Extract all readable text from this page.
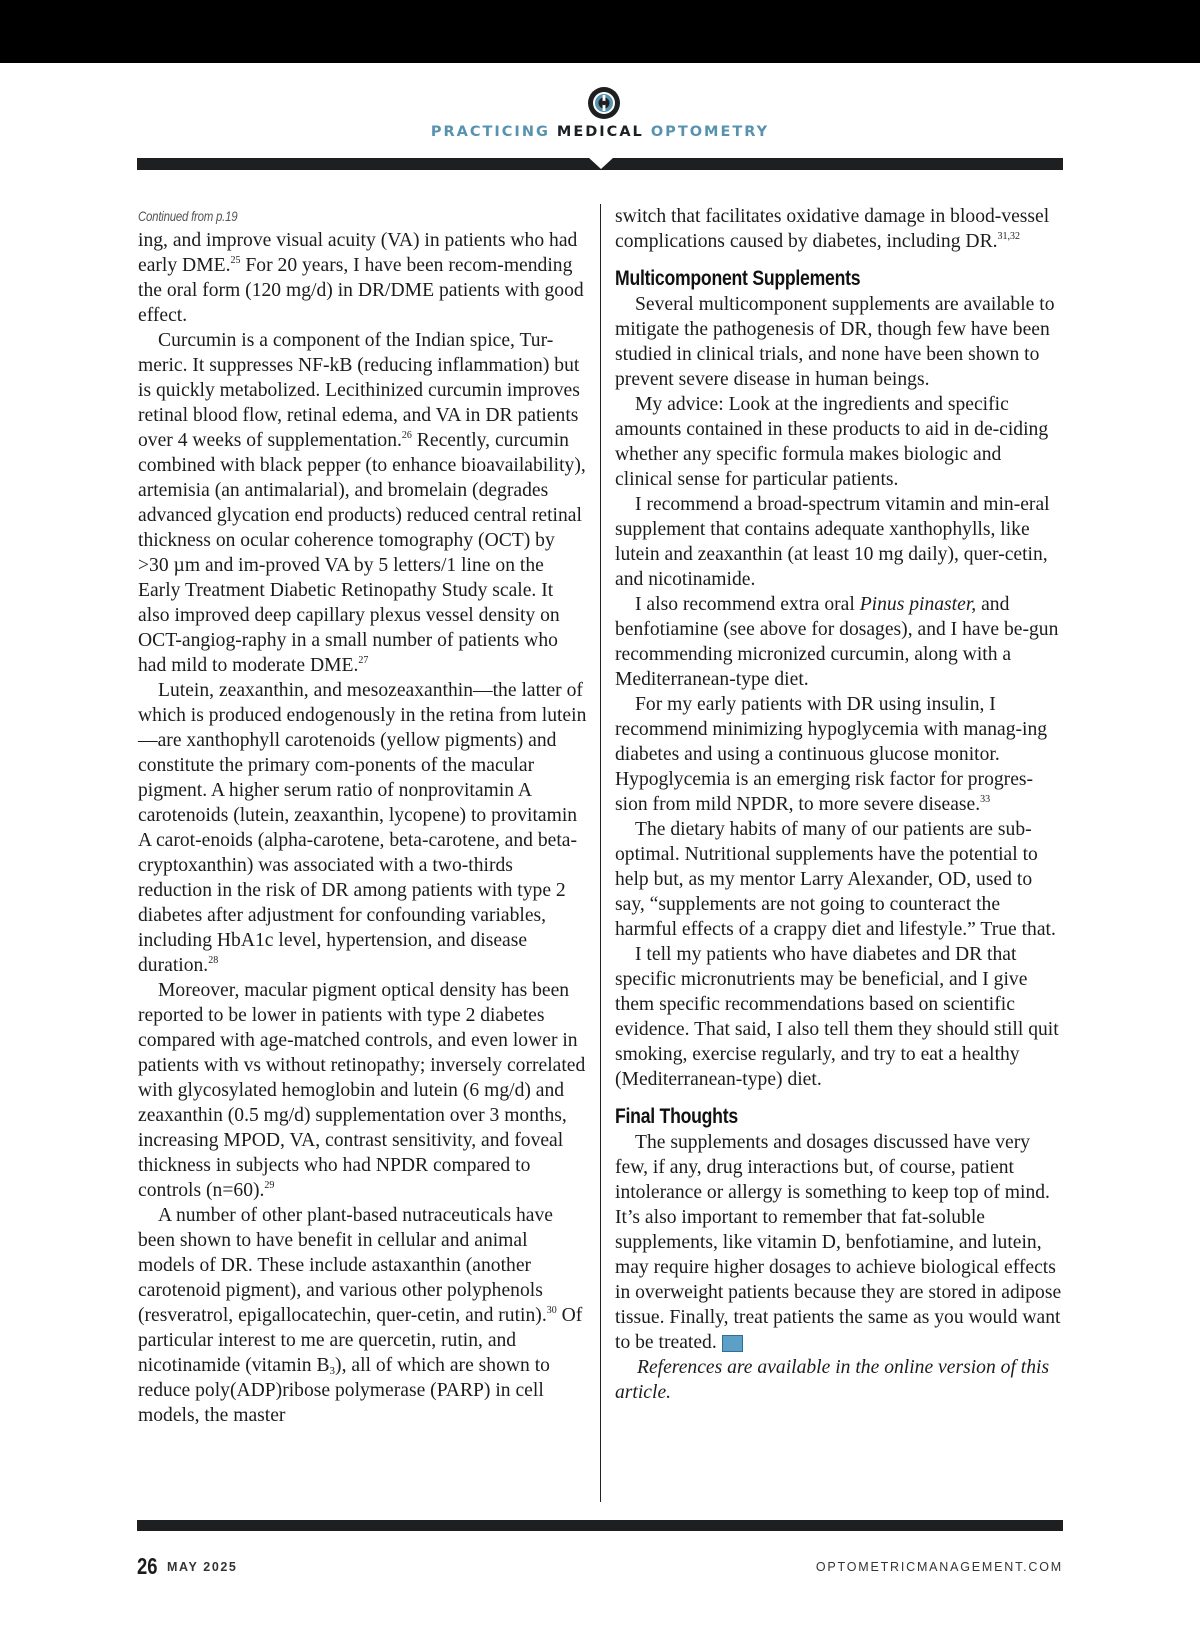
PRACTICING MEDICAL OPTOMETRY
Continued from p.19

ing, and improve visual acuity (VA) in patients who had early DME.$^{25}$ For 20 years, I have been recom-mending the oral form (120 mg/d) in DR/DME patients with good effect.

Curcumin is a component of the Indian spice, Tur-meric. It suppresses NF-kB (reducing inflammation) but is quickly metabolized. Lecithinized curcumin improves retinal blood flow, retinal edema, and VA in DR patients over 4 weeks of supplementation.$^{26}$ Recently, curcumin combined with black pepper (to enhance bioavailability), artemisia (an antimalarial), and bromelain (degrades advanced glycation end products) reduced central retinal thickness on ocular coherence tomography (OCT) by >30 µm and im-proved VA by 5 letters/1 line on the Early Treatment Diabetic Retinopathy Study scale. It also improved deep capillary plexus vessel density on OCT-angiog-raphy in a small number of patients who had mild to moderate DME.$^{27}$

Lutein, zeaxanthin, and mesozeaxanthin—the latter of which is produced endogenously in the retina from lutein—are xanthophyll carotenoids (yellow pigments) and constitute the primary com-ponents of the macular pigment. A higher serum ratio of nonprovitamin A carotenoids (lutein, zeaxanthin, lycopene) to provitamin A carot-enoids (alpha-carotene, beta-carotene, and beta-cryptoxanthin) was associated with a two-thirds reduction in the risk of DR among patients with type 2 diabetes after adjustment for confounding variables, including HbA1c level, hypertension, and disease duration.$^{28}$

Moreover, macular pigment optical density has been reported to be lower in patients with type 2 diabetes compared with age-matched controls, and even lower in patients with vs without retinopathy; inversely correlated with glycosylated hemoglobin and lutein (6 mg/d) and zeaxanthin (0.5 mg/d) supplementation over 3 months, increasing MPOD, VA, contrast sensitivity, and foveal thickness in subjects who had NPDR compared to controls (n=60).$^{29}$

A number of other plant-based nutraceuticals have been shown to have benefit in cellular and animal models of DR. These include astaxanthin (another carotenoid pigment), and various other polyphenols (resveratrol, epigallocatechin, quer-cetin, and rutin).$^{30}$ Of particular interest to me are quercetin, rutin, and nicotinamide (vitamin $B_3$), all of which are shown to reduce poly(ADP)ribose polymerase (PARP) in cell models, the master

switch that facilitates oxidative damage in blood-vessel complications caused by diabetes, including DR.$^{31,32}$

Multicomponent Supplements

Several multicomponent supplements are available to mitigate the pathogenesis of DR, though few have been studied in clinical trials, and none have been shown to prevent severe disease in human beings.

My advice: Look at the ingredients and specific amounts contained in these products to aid in de-ciding whether any specific formula makes biologic and clinical sense for particular patients.

I recommend a broad-spectrum vitamin and min-eral supplement that contains adequate xanthophylls, like lutein and zeaxanthin (at least 10 mg daily), quer-cetin, and nicotinamide.

I also recommend extra oral Pinus pinaster, and benfotiamine (see above for dosages), and I have be-gun recommending micronized curcumin, along with a Mediterranean-type diet.

For my early patients with DR using insulin, I recommend minimizing hypoglycemia with manag-ing diabetes and using a continuous glucose monitor. Hypoglycemia is an emerging risk factor for progres-sion from mild NPDR, to more severe disease.$^{33}$

The dietary habits of many of our patients are sub-optimal. Nutritional supplements have the potential to help but, as my mentor Larry Alexander, OD, used to say, “supplements are not going to counteract the harmful effects of a crappy diet and lifestyle.” True that.

I tell my patients who have diabetes and DR that specific micronutrients may be beneficial, and I give them specific recommendations based on scientific evidence. That said, I also tell them they should still quit smoking, exercise regularly, and try to eat a healthy (Mediterranean-type) diet.

Final Thoughts

The supplements and dosages discussed have very few, if any, drug interactions but, of course, patient intolerance or allergy is something to keep top of mind. It’s also important to remember that fat-soluble supplements, like vitamin D, benfotiamine, and lutein, may require higher dosages to achieve biological effects in overweight patients because they are stored in adipose tissue. Finally, treat patients the same as you would want to be treated. OM

References are available in the online version of this article.

26 MAY 2025	OPTOMETRICMANAGEMENT.COM
